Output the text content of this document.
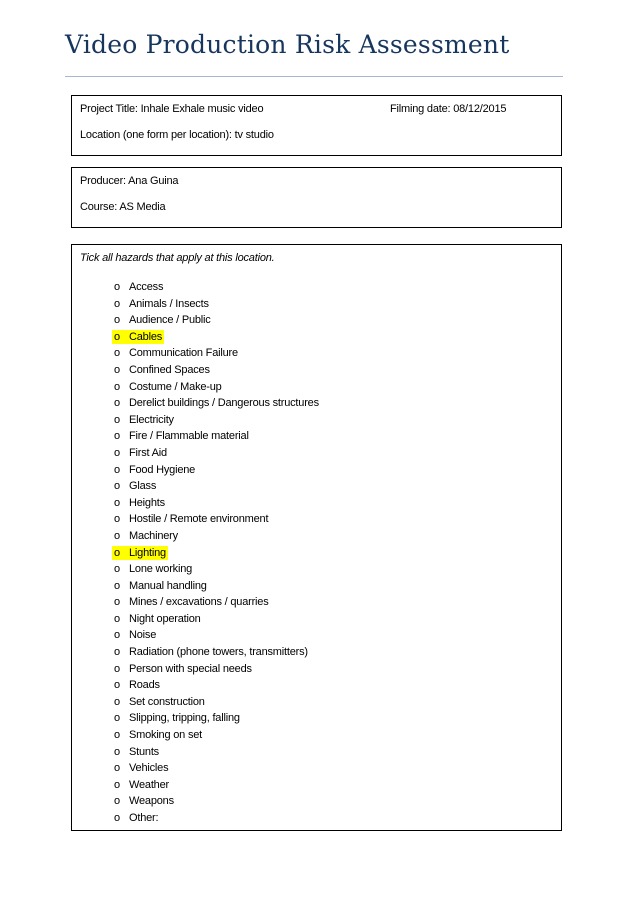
Video Production Risk Assessment
Project Title: Inhale Exhale music video	Filming date: 08/12/2015
Location (one form per location): tv studio
Producer: Ana Guina
Course: AS Media
Tick all hazards that apply at this location.
o Access
o Animals / Insects
o Audience / Public
o Cables
o Communication Failure
o Confined Spaces
o Costume / Make-up
o Derelict buildings / Dangerous structures
o Electricity
o Fire / Flammable material
o First Aid
o Food Hygiene
o Glass
o Heights
o Hostile / Remote environment
o Machinery
o Lighting
o Lone working
o Manual handling
o Mines / excavations / quarries
o Night operation
o Noise
o Radiation (phone towers, transmitters)
o Person with special needs
o Roads
o Set construction
o Slipping, tripping, falling
o Smoking on set
o Stunts
o Vehicles
o Weather
o Weapons
o Other:
